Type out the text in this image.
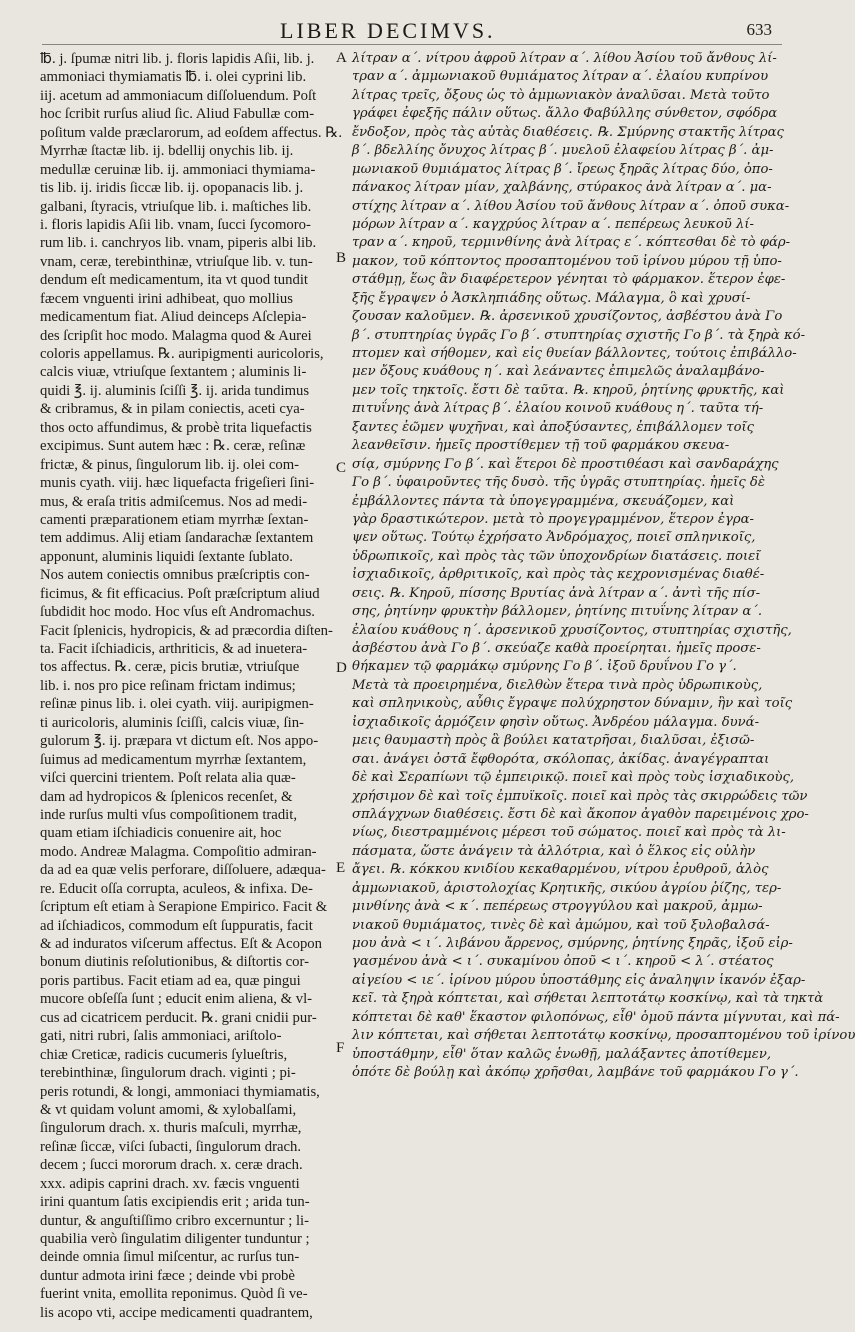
LIBER DECIMVS.	633
℔. j. ſpumæ nitri lib. j. floris lapidis Aſii, lib. j.
ammoniaci thymiamatis ℔. i. olei cyprini lib.
iij. acetum ad ammoniacum diſſoluendum. Poſt
hoc ſcribit rurſus aliud ſic. Aliud Fabullæ com-
poſitum valde præclarorum, ad eoſdem affectus. ℞.
Myrrhæ ſtactæ lib. ij. bdellij onychis lib. ij.
medullæ ceruinæ lib. ij. ammoniaci thymiama-
tis lib. ij. iridis ſiccæ lib. ij. opopanacis lib. j.
galbani, ſtyracis, vtriuſque lib. i. maſtiches lib.
i. floris lapidis Aſii lib. vnam, ſucci ſycomoro-
rum lib. i. canchryos lib. vnam, piperis albi lib.
vnam, ceræ, terebinthinæ, vtriuſque lib. v. tun-
dendum eſt medicamentum, ita vt quod tundit
fæcem vnguenti irini adhibeat, quo mollius
medicamentum fiat. Aliud deinceps Aſclepia-
des ſcripſit hoc modo. Malagma quod & Aurei
coloris appellamus. ℞. auripigmenti auricoloris,
calcis viuæ, vtriuſque ſextantem ; aluminis li-
quidi ℥. ij. aluminis ſciſſi ℥. ij. arida tundimus
& cribramus, & in pilam coniectis, aceti cya-
thos octo affundimus, & probè trita liquefactis
excipimus. Sunt autem hæc : ℞. ceræ, reſinæ
frictæ, & pinus, ſingulorum lib. ij. olei com-
munis cyath. viij. hæc liquefacta frigeſieri ſini-
mus, & eraſa tritis admiſcemus. Nos ad medi-
camenti præparationem etiam myrrhæ ſextan-
tem addimus. Alij etiam ſandarachæ ſextantem
apponunt, aluminis liquidi ſextante ſublato.
Nos autem coniectis omnibus præſcriptis con-
ficimus, & fit efficacius. Poſt præſcriptum aliud
ſubdidit hoc modo. Hoc vſus eſt Andromachus.
Facit ſplenicis, hydropicis, & ad præcordia diſten-
ta. Facit iſchiadicis, arthriticis, & ad inuetera-
tos affectus. ℞. ceræ, picis brutiæ, vtriuſque
lib. i. nos pro pice reſinam frictam indimus;
reſinæ pinus lib. i. olei cyath. viij. auripigmen-
ti auricoloris, aluminis ſciſſi, calcis viuæ, ſin-
gulorum ℥. ij. præpara vt dictum eſt. Nos appo-
ſuimus ad medicamentum myrrhæ ſextantem,
viſci quercini trientem. Poſt relata alia quæ-
dam ad hydropicos & ſplenicos recenſet, &
inde rurſus multi vſus compoſitionem tradit,
quam etiam iſchiadicis conuenire ait, hoc
modo. Andreæ Malagma. Compoſitio admiran-
da ad ea quæ velis perforare, diſſoluere, adæqua-
re. Educit oſſa corrupta, aculeos, & infixa. De-
ſcriptum eſt etiam à Serapione Empirico. Facit &
ad iſchiadicos, commodum eſt ſuppuratis, facit
& ad induratos viſcerum affectus. Eſt & Acopon
bonum diutinis reſolutionibus, & diſtortis cor-
poris partibus. Facit etiam ad ea, quæ pingui
mucore obſeſſa ſunt ; educit enim aliena, & vl-
cus ad cicatricem perducit. ℞. grani cnidii pur-
gati, nitri rubri, ſalis ammoniaci, ariſtolo-
chiæ Creticæ, radicis cucumeris ſylueſtris,
terebinthinæ, ſingulorum drach. viginti ; pi-
peris rotundi, & longi, ammoniaci thymiamatis,
& vt quidam volunt amomi, & xylobalſami,
ſingulorum drach. x. thuris maſculi, myrrhæ,
reſinæ ſiccæ, viſci ſubacti, ſingulorum drach.
decem ; ſucci mororum drach. x. ceræ drach.
xxx. adipis caprini drach. xv. fæcis vnguenti
irini quantum ſatis excipiendis erit ; arida tun-
duntur, & anguſtiſſimo cribro excernuntur ; li-
quabilia verò ſingulatim diligenter tunduntur ;
deinde omnia ſimul miſcentur, ac rurſus tun-
duntur admota irini fæce ; deinde vbi probè
fuerint vnita, emollita reponimus. Quòd ſi ve-
lis acopo vti, accipe medicamenti quadrantem,
A
B
C
D
E
F
λίτραν α΄. νίτρου ἀφροῦ λίτραν α΄. λίθου Ἀσίου τοῦ ἄνθους λί-
τραν α΄. ἀμμωνιακοῦ θυμιάματος λίτραν α΄. ἐλαίου κυπρίνου
λίτρας τρεῖς, ὄξους ὡς τὸ ἀμμωνιακὸν ἀναλῦσαι. Μετὰ τοῦτο
γράφει ἐφεξῆς πάλιν οὕτως. ἄλλο Φαβύλλης σύνθετον, σφόδρα
ἔνδοξον, πρὸς τὰς αὐτὰς διαθέσεις. ℞. Σμύρνης στακτῆς λίτρας
β΄. βδελλίης ὄνυχος λίτρας β΄. μυελοῦ ἐλαφείου λίτρας β΄. ἀμ-
μωνιακοῦ θυμιάματος λίτρας β΄. ἴρεως ξηρᾶς λίτρας δύο, ὀπο-
πάνακος λίτραν μίαν, χαλβάνης, στύρακος ἀνὰ λίτραν α΄. μα-
στίχης λίτραν α΄. λίθου Ἀσίου τοῦ ἄνθους λίτραν α΄. ὀποῦ συκα-
μόρων λίτραν α΄. καγχρύος λίτραν α΄. πεπέρεως λευκοῦ λί-
τραν α΄. κηροῦ, τερμινθίνης ἀνὰ λίτρας ε΄. κόπτεσθαι δὲ τὸ φάρ-
μακον, τοῦ κόπτοντος προσαπτομένου τοῦ ἰρίνου μύρου τῇ ὑπο-
στάθμῃ, ἕως ἂν διαφέρετερον γένηται τὸ φάρμακον. ἕτερον ἐφε-
ξῆς ἔγραψεν ὁ Ἀσκληπιάδης οὕτως. Μάλαγμα, ὃ καὶ χρυσί-
ζουσαν καλοῦμεν. ℞. ἀρσενικοῦ χρυσίζοντος, ἀσβέστου ἀνὰ Γο
β΄. στυπτηρίας ὑγρᾶς Γο β΄. στυπτηρίας σχιστῆς Γο β΄. τὰ ξηρὰ κό-
πτομεν καὶ σήθομεν, καὶ εἰς θυείαν βάλλοντες, τούτοις ἐπιβάλλο-
μεν ὄξους κυάθους η΄. καὶ λεάναντες ἐπιμελῶς ἀναλαμβάνο-
μεν τοῖς τηκτοῖς. ἔστι δὲ ταῦτα. ℞. κηροῦ, ῥητίνης φρυκτῆς, καὶ
πιτυΐνης ἀνὰ λίτρας β΄. ἐλαίου κοινοῦ κυάθους η΄. ταῦτα τή-
ξαντες ἐῶμεν ψυχῆναι, καὶ ἀποξύσαντες, ἐπιβάλλομεν τοῖς
λεανθεῖσιν. ἡμεῖς προστίθεμεν τῇ τοῦ φαρμάκου σκευα-
σίᾳ, σμύρνης Γο β΄. καὶ ἕτεροι δὲ προστιθέασι καὶ σανδαράχης
Γο β΄. ὑφαιροῦντες τῆς δυσὸ. τῆς ὑγρᾶς στυπτηρίας. ἡμεῖς δὲ
ἐμβάλλοντες πάντα τὰ ὑπογεγραμμένα, σκευάζομεν, καὶ
γὰρ δραστικώτερον. μετὰ τὸ προγεγραμμένον, ἕτερον ἐγρα-
ψεν οὕτως. Τούτῳ ἐχρήσατο Ἀνδρόμαχος, ποιεῖ σπληνικοῖς,
ὑδρωπικοῖς, καὶ πρὸς τὰς τῶν ὑποχονδρίων διατάσεις. ποιεῖ
ἰσχιαδικοῖς, ἀρθριτικοῖς, καὶ πρὸς τὰς κεχρονισμένας διαθέ-
σεις. ℞. Κηροῦ, πίσσης Βρυτίας ἀνὰ λίτραν α΄. ἀντὶ τῆς πίσ-
σης, ῥητίνην φρυκτὴν βάλλομεν, ῥητίνης πιτυΐνης λίτραν α΄.
ἐλαίου κυάθους η΄. ἀρσενικοῦ χρυσίζοντος, στυπτηρίας σχιστῆς,
ἀσβέστου ἀνὰ Γο β΄. σκεύαζε καθὰ προείρηται. ἡμεῖς προσε-
θήκαμεν τῷ φαρμάκῳ σμύρνης Γο β΄. ἰξοῦ δρυΐνου Γο γ΄.
Μετὰ τὰ προειρημένα, διελθὼν ἕτερα τινὰ πρὸς ὑδρωπικοὺς,
καὶ σπληνικοὺς, αὖθις ἔγραψε πολύχρηστον δύναμιν, ἣν καὶ τοῖς
ἰσχιαδικοῖς ἁρμόζειν φησὶν οὕτως. Ἀνδρέου μάλαγμα. δυνά-
μεις θαυμαστὴ πρὸς ἃ βούλει κατατρῆσαι, διαλῦσαι, ἐξισῶ-
σαι. ἀνάγει ὀστᾶ ἔφθορότα, σκόλοπας, ἀκίδας. ἀναγέγραπται
δὲ καὶ Σεραπίωνι τῷ ἐμπειρικῷ. ποιεῖ καὶ πρὸς τοὺς ἰσχιαδικοὺς,
χρήσιμον δὲ καὶ τοῖς ἐμπυϊκοῖς. ποιεῖ καὶ πρὸς τὰς σκιρρώδεις τῶν
σπλάγχνων διαθέσεις. ἔστι δὲ καὶ ἄκοπον ἀγαθὸν παρειμένοις χρο-
νίως, διεστραμμένοις μέρεσι τοῦ σώματος. ποιεῖ καὶ πρὸς τὰ λι-
πάσματα, ὥστε ἀνάγειν τὰ ἀλλότρια, καὶ ὁ ἕλκος εἰς οὐλὴν
ἄγει. ℞. κόκκου κνιδίου κεκαθαρμένου, νίτρου ἐρυθροῦ, ἁλὸς
ἀμμωνιακοῦ, ἀριστολοχίας Κρητικῆς, σικύου ἀγρίου ῥίζης, τερ-
μινθίνης ἀνὰ < κ΄. πεπέρεως στρογγύλου καὶ μακροῦ, ἀμμω-
νιακοῦ θυμιάματος, τινὲς δὲ καὶ ἀμώμου, καὶ τοῦ ξυλοβαλσά-
μου ἀνὰ < ι΄. λιβάνου ἄρρενος, σμύρνης, ῥητίνης ξηρᾶς, ἰξοῦ εἰρ-
γασμένου ἀνὰ < ι΄. συκαμίνου ὀποῦ < ι΄. κηροῦ < λ΄. στέατος
αἰγείου < ιε΄. ἰρίνου μύρου ὑποστάθμης εἰς ἀναληψιν ἱκανόν ἐξαρ-
κεῖ. τὰ ξηρὰ κόπτεται, καὶ σήθεται λεπτοτάτῳ κοσκίνῳ, καὶ τὰ τηκτὰ
κόπτεται δὲ καθ' ἕκαστον φιλοπόνως, εἶθ' ὁμοῦ πάντα μίγνυται, καὶ πά-
λιν κόπτεται, καὶ σήθεται λεπτοτάτῳ κοσκίνῳ, προσαπτομένου τοῦ ἰρίνου
ὑποστάθμην, εἶθ' ὅταν καλῶς ἑνωθῇ, μαλάξαντες ἀποτίθεμεν,
ὁπότε δὲ βούλῃ καὶ ἀκόπῳ χρῆσθαι, λαμβάνε τοῦ φαρμάκου Γο γ΄.
